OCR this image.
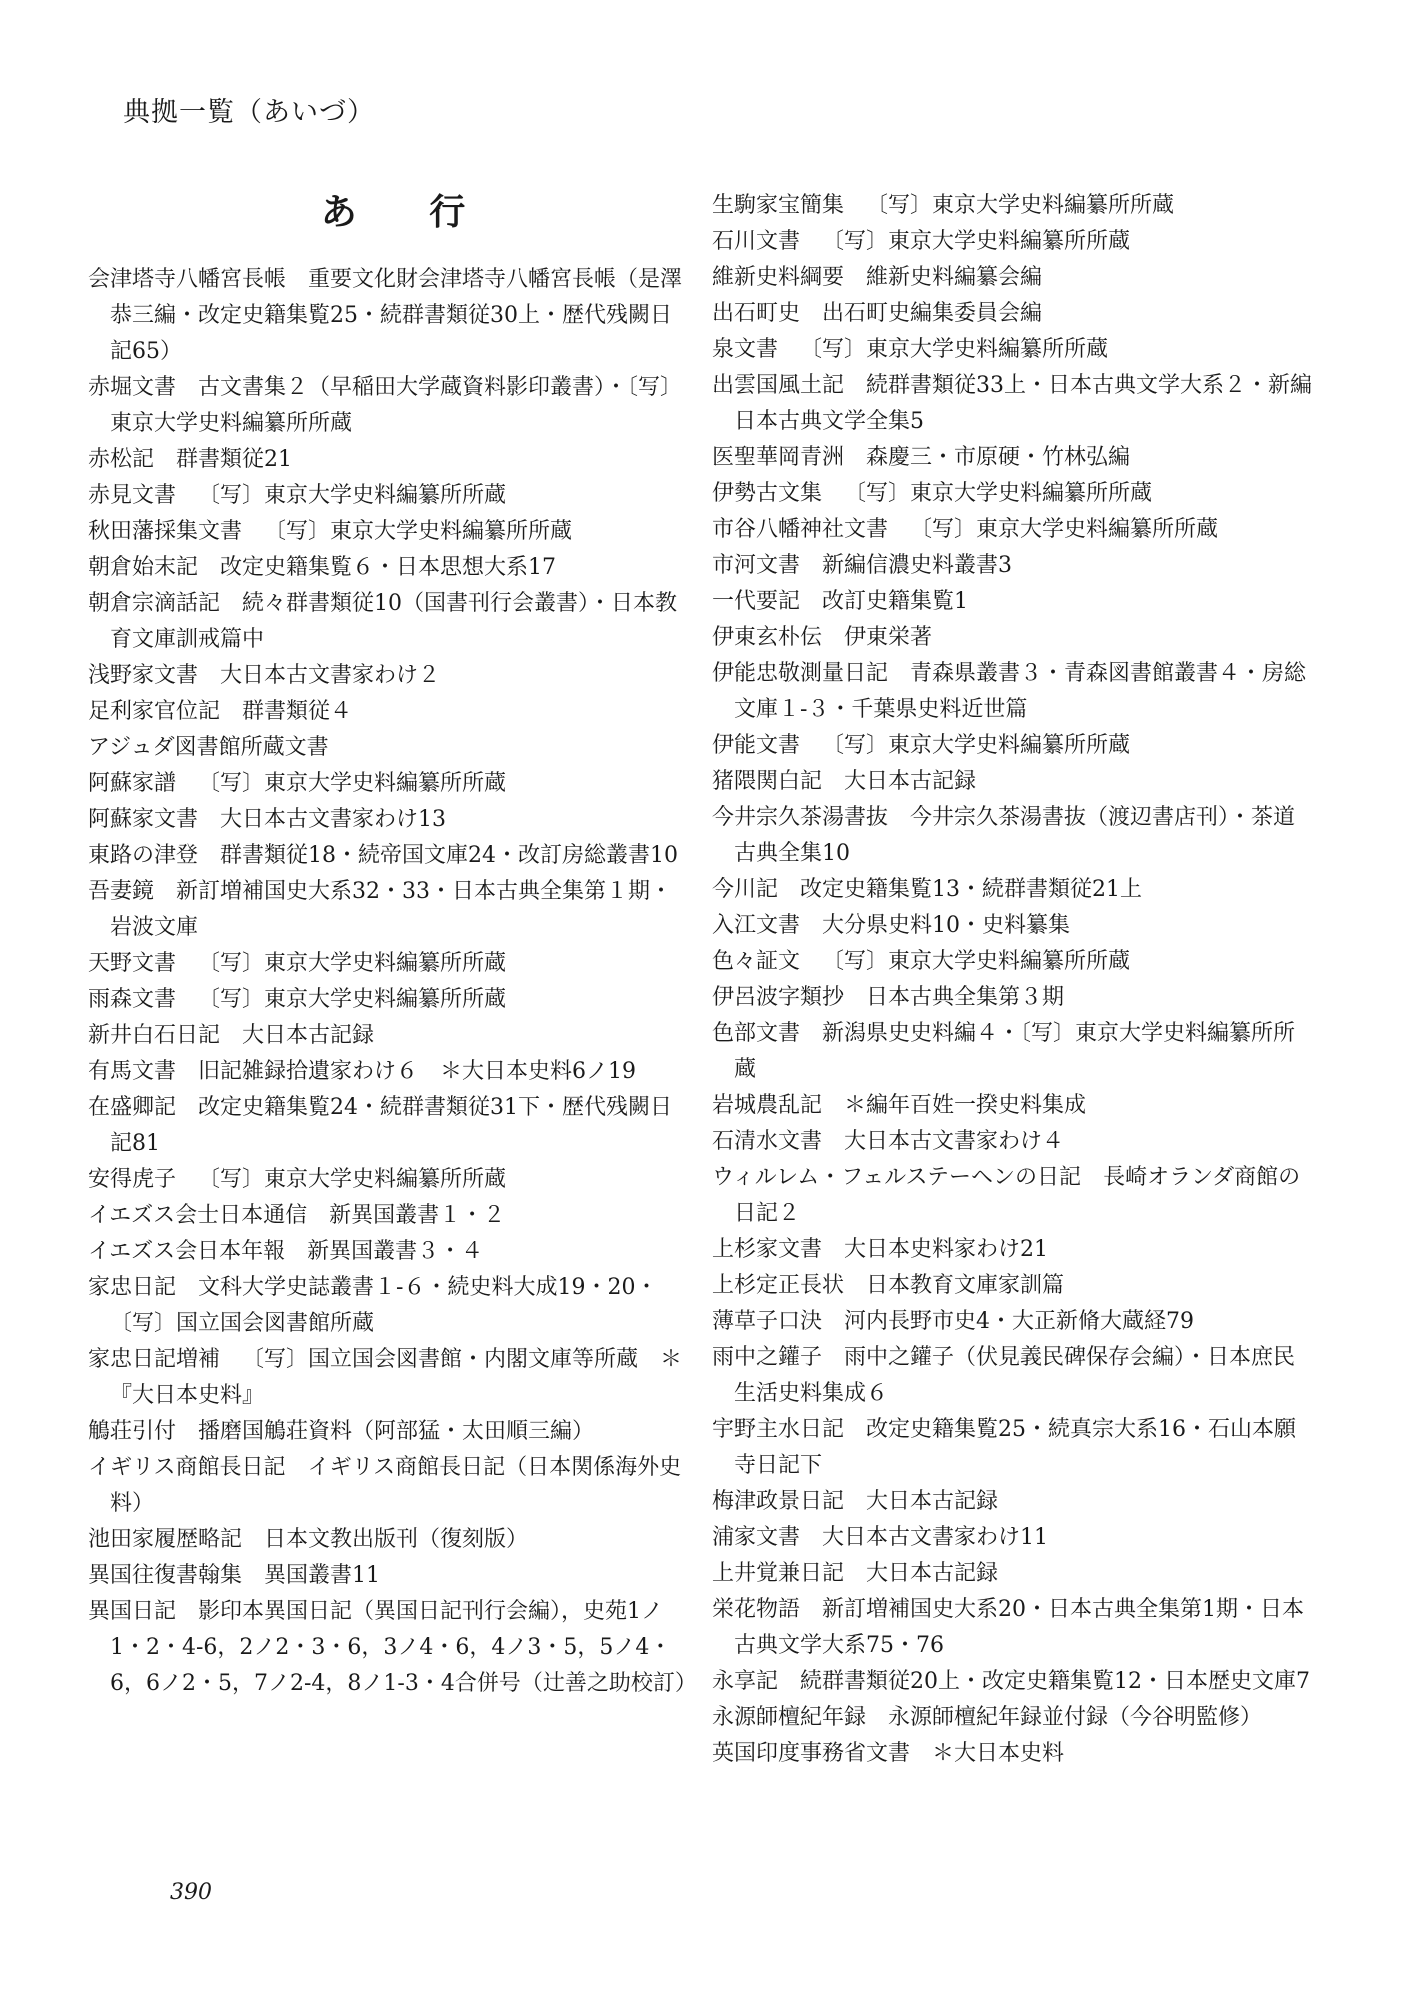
典拠一覧（あいづ）
あ 行

会津塔寺八幡宮長帳 重要文化財会津塔寺八幡宮長帳（是澤恭三編・改定史籍集覧25・続群書類従30上・歴代残闕日記65）

赤堀文書 古文書集２（早稲田大学蔵資料影印叢書）・〔写〕東京大学史料編纂所所蔵

赤松記 群書類従21

赤見文書 〔写〕東京大学史料編纂所所蔵

秋田藩採集文書 〔写〕東京大学史料編纂所所蔵

朝倉始末記 改定史籍集覧６・日本思想大系17

朝倉宗滴話記 続々群書類従10（国書刊行会叢書）・日本教育文庫訓戒篇中

浅野家文書 大日本古文書家わけ２

足利家官位記 群書類従４

アジュダ図書館所蔵文書

阿蘇家譜 〔写〕東京大学史料編纂所所蔵

阿蘇家文書 大日本古文書家わけ13

東路の津登 群書類従18・続帝国文庫24・改訂房総叢書10

吾妻鏡 新訂増補国史大系32・33・日本古典全集第１期・岩波文庫

天野文書 〔写〕東京大学史料編纂所所蔵

雨森文書 〔写〕東京大学史料編纂所所蔵

新井白石日記 大日本古記録

有馬文書 旧記雑録拾遺家わけ６　＊大日本史料6ノ19

在盛卿記 改定史籍集覧24・続群書類従31下・歴代残闕日記81

安得虎子 〔写〕東京大学史料編纂所所蔵

イエズス会士日本通信 新異国叢書１・２

イエズス会日本年報 新異国叢書３・４

家忠日記 文科大学史誌叢書１-６・続史料大成19・20・〔写〕国立国会図書館所蔵

家忠日記増補 〔写〕国立国会図書館・内閣文庫等所蔵　＊『大日本史料』

鵤荘引付 播磨国鵤荘資料（阿部猛・太田順三編）

イギリス商館長日記 イギリス商館長日記（日本関係海外史料）

池田家履歴略記 日本文教出版刊（復刻版）

異国往復書翰集 異国叢書11

異国日記 影印本異国日記（異国日記刊行会編），史苑1ノ1・2・4-6，2ノ2・3・6，3ノ4・6，4ノ3・5，5ノ4・6，6ノ2・5，7ノ2-4，8ノ1-3・4合併号（辻善之助校訂）

生駒家宝簡集 〔写〕東京大学史料編纂所所蔵

石川文書 〔写〕東京大学史料編纂所所蔵

維新史料綱要 維新史料編纂会編

出石町史 出石町史編集委員会編

泉文書 〔写〕東京大学史料編纂所所蔵

出雲国風土記 続群書類従33上・日本古典文学大系２・新編日本古典文学全集5

医聖華岡青洲 森慶三・市原硬・竹林弘編

伊勢古文集 〔写〕東京大学史料編纂所所蔵

市谷八幡神社文書 〔写〕東京大学史料編纂所所蔵

市河文書 新編信濃史料叢書3

一代要記 改訂史籍集覧1

伊東玄朴伝 伊東栄著

伊能忠敬測量日記 青森県叢書３・青森図書館叢書４・房総文庫１-３・千葉県史料近世篇

伊能文書 〔写〕東京大学史料編纂所所蔵

猪隈関白記 大日本古記録

今井宗久茶湯書抜 今井宗久茶湯書抜（渡辺書店刊）・茶道古典全集10

今川記 改定史籍集覧13・続群書類従21上

入江文書 大分県史料10・史料纂集

色々証文 〔写〕東京大学史料編纂所所蔵

伊呂波字類抄 日本古典全集第３期

色部文書 新潟県史史料編４・〔写〕東京大学史料編纂所所蔵

岩城農乱記 ＊編年百姓一揆史料集成

石清水文書 大日本古文書家わけ４

ウィルレム・フェルステーヘンの日記 長崎オランダ商館の日記２

上杉家文書 大日本史料家わけ21

上杉定正長状 日本教育文庫家訓篇

薄草子口決 河内長野市史4・大正新脩大蔵経79

雨中之鑵子 雨中之鑵子（伏見義民碑保存会編）・日本庶民生活史料集成６

宇野主水日記 改定史籍集覧25・続真宗大系16・石山本願寺日記下

梅津政景日記 大日本古記録

浦家文書 大日本古文書家わけ11

上井覚兼日記 大日本古記録

栄花物語 新訂増補国史大系20・日本古典全集第1期・日本古典文学大系75・76

永享記 続群書類従20上・改定史籍集覧12・日本歴史文庫7

永源師檀紀年録 永源師檀紀年録並付録（今谷明監修）

英国印度事務省文書 ＊大日本史料

390
